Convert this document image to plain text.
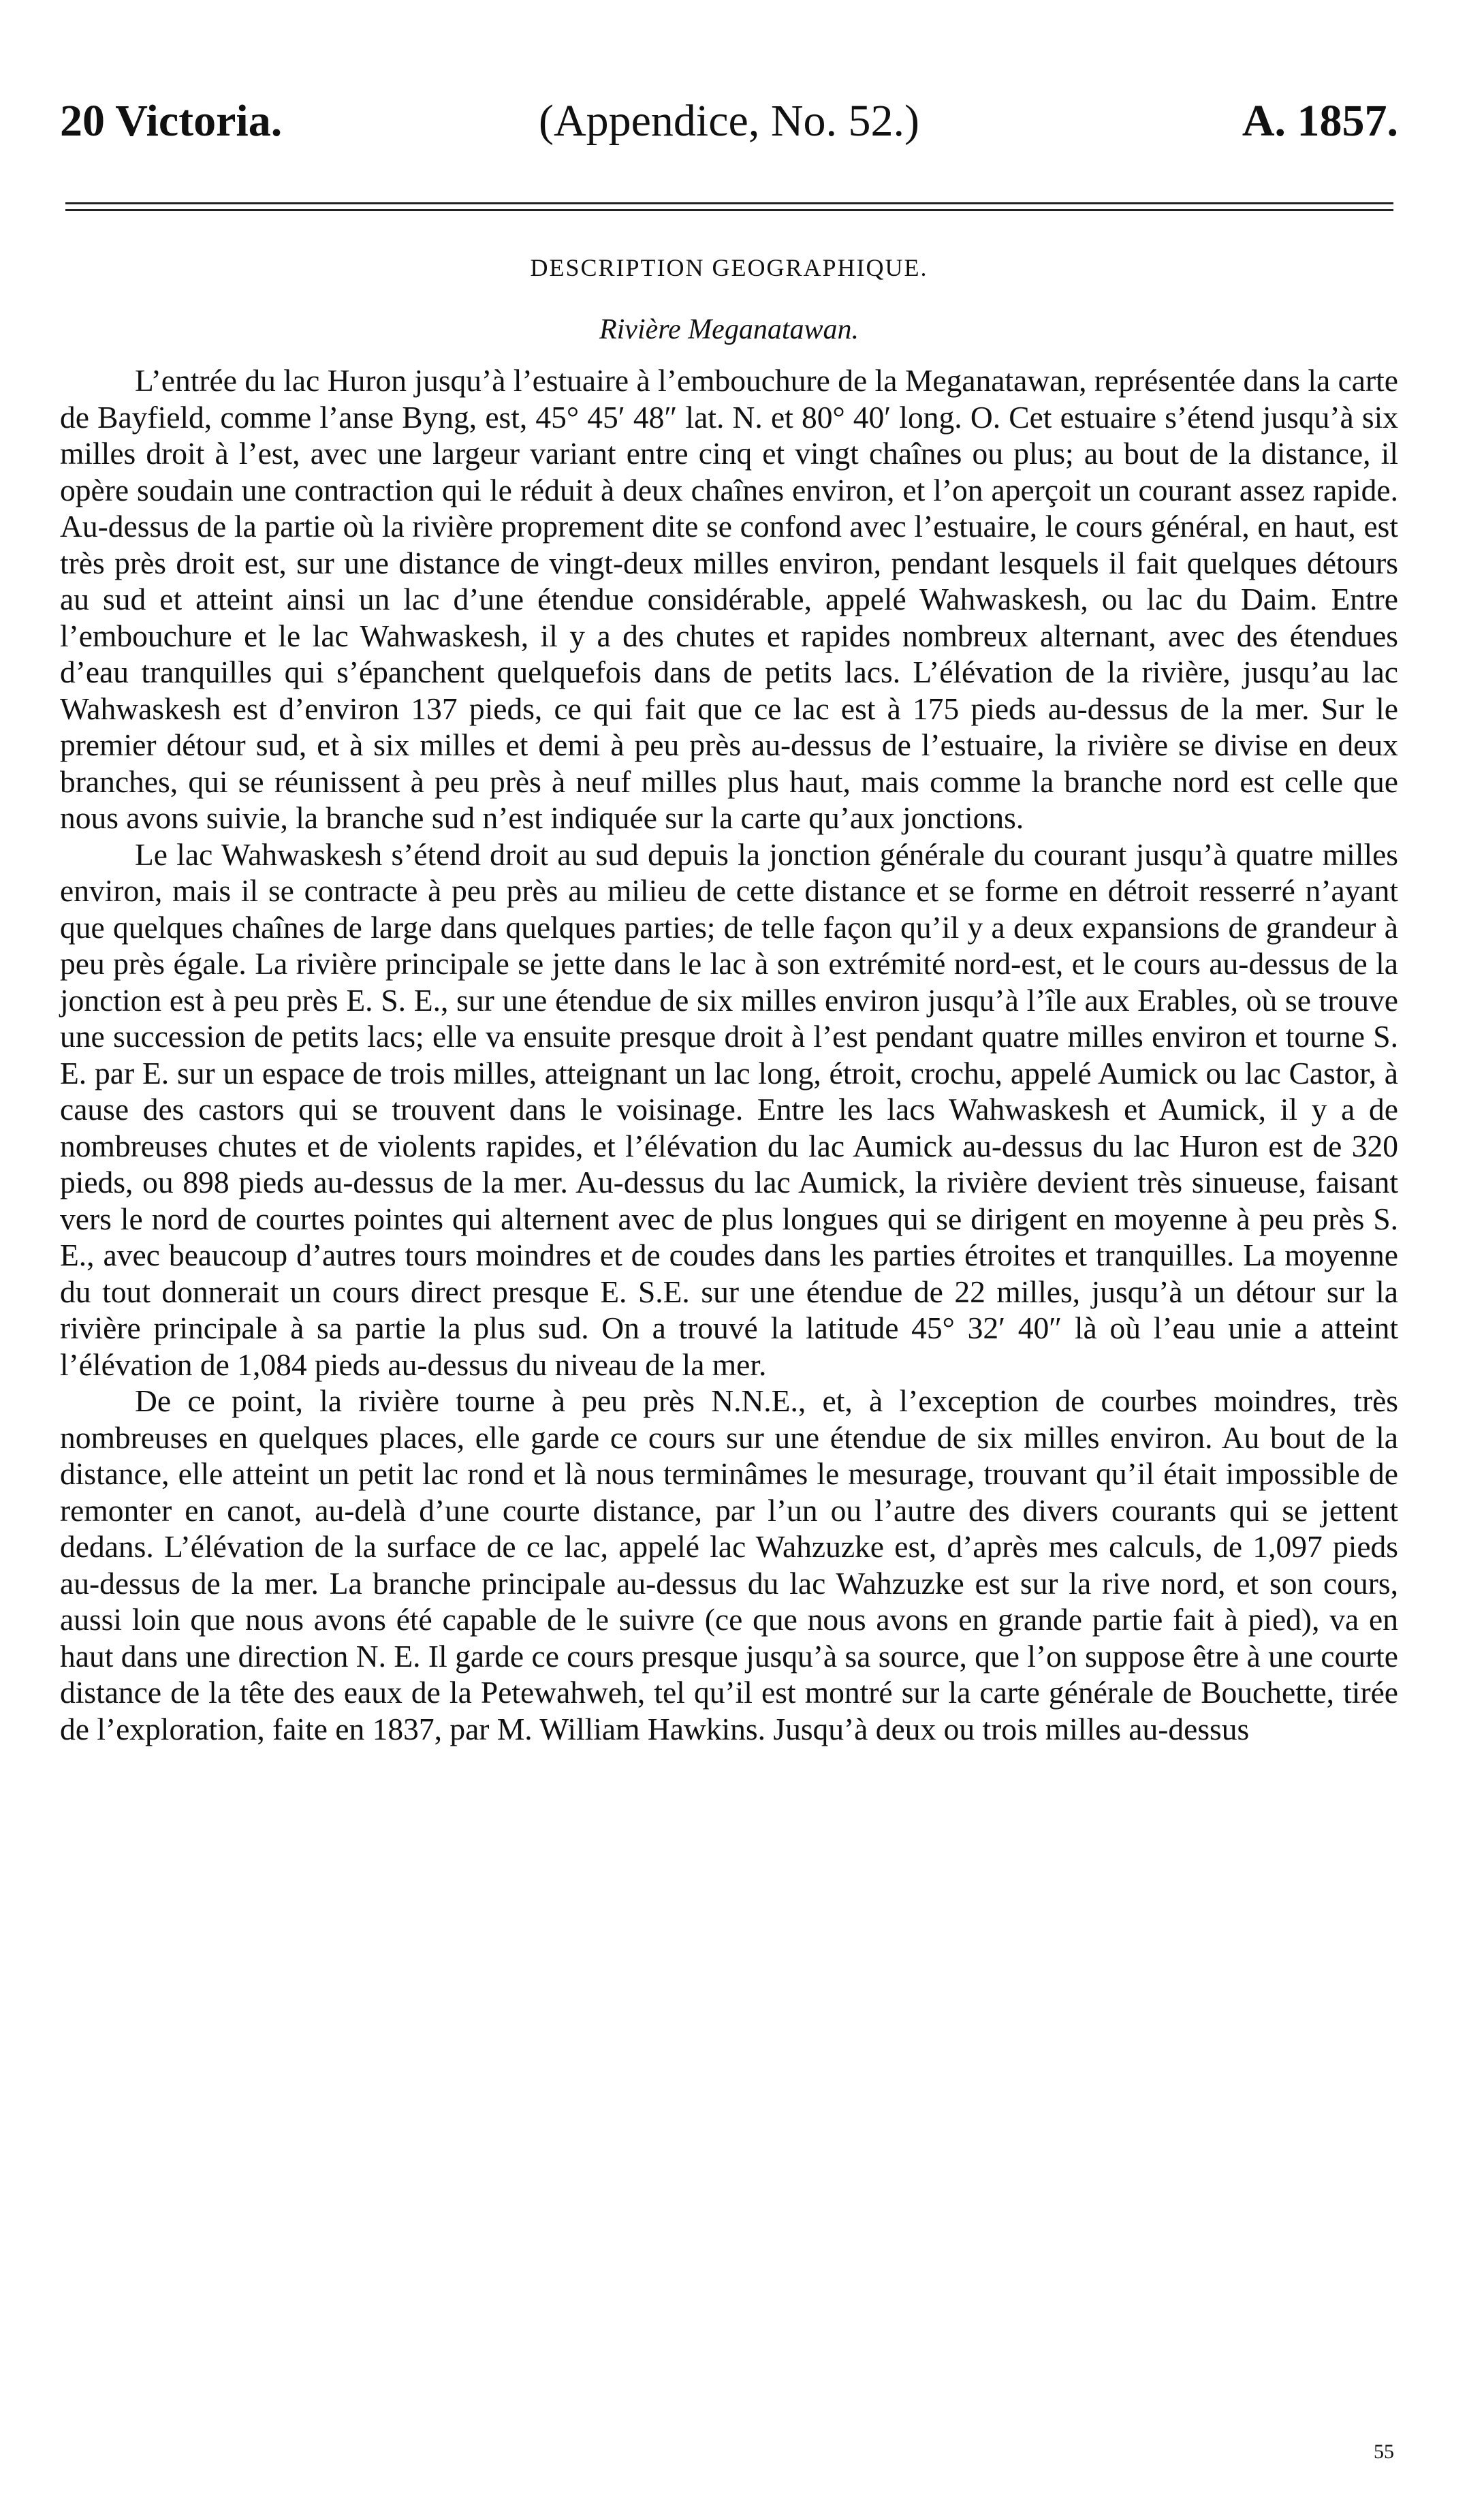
20 Victoria.	(Appendice, No. 52.)	A. 1857.
DESCRIPTION GEOGRAPHIQUE.
Rivière Meganatawan.

L’entrée du lac Huron jusqu’à l’estuaire à l’embouchure de la Meganatawan, représentée dans la carte de Bayfield, comme l’anse Byng, est, 45° 45′ 48″ lat. N. et 80° 40′ long. O. Cet estuaire s’étend jusqu’à six milles droit à l’est, avec une largeur variant entre cinq et vingt chaînes ou plus; au bout de la distance, il opère soudain une contraction qui le réduit à deux chaînes environ, et l’on aperçoit un courant assez rapide. Au-dessus de la partie où la rivière proprement dite se confond avec l’estuaire, le cours général, en haut, est très près droit est, sur une distance de vingt-deux milles environ, pendant lesquels il fait quelques détours au sud et atteint ainsi un lac d’une étendue considérable, appelé Wahwaskesh, ou lac du Daim. Entre l’embouchure et le lac Wahwaskesh, il y a des chutes et rapides nombreux alternant, avec des étendues d’eau tranquilles qui s’épanchent quelquefois dans de petits lacs. L’élévation de la rivière, jusqu’au lac Wahwaskesh est d’environ 137 pieds, ce qui fait que ce lac est à 175 pieds au-dessus de la mer. Sur le premier détour sud, et à six milles et demi à peu près au-dessus de l’estuaire, la rivière se divise en deux branches, qui se réunissent à peu près à neuf milles plus haut, mais comme la branche nord est celle que nous avons suivie, la branche sud n’est indiquée sur la carte qu’aux jonctions.

Le lac Wahwaskesh s’étend droit au sud depuis la jonction générale du courant jusqu’à quatre milles environ, mais il se contracte à peu près au milieu de cette distance et se forme en détroit resserré n’ayant que quelques chaînes de large dans quelques parties; de telle façon qu’il y a deux expansions de grandeur à peu près égale. La rivière principale se jette dans le lac à son extrémité nord-est, et le cours au-dessus de la jonction est à peu près E. S. E., sur une étendue de six milles environ jusqu’à l’île aux Erables, où se trouve une succession de petits lacs; elle va ensuite presque droit à l’est pendant quatre milles environ et tourne S. E. par E. sur un espace de trois milles, atteignant un lac long, étroit, crochu, appelé Aumick ou lac Castor, à cause des castors qui se trouvent dans le voisinage. Entre les lacs Wahwaskesh et Aumick, il y a de nombreuses chutes et de violents rapides, et l’élévation du lac Aumick au-dessus du lac Huron est de 320 pieds, ou 898 pieds au-dessus de la mer. Au-dessus du lac Aumick, la rivière devient très sinueuse, faisant vers le nord de courtes pointes qui alternent avec de plus longues qui se dirigent en moyenne à peu près S. E., avec beaucoup d’autres tours moindres et de coudes dans les parties étroites et tranquilles. La moyenne du tout donnerait un cours direct presque E. S.E. sur une étendue de 22 milles, jusqu’à un détour sur la rivière principale à sa partie la plus sud. On a trouvé la latitude 45° 32′ 40″ là où l’eau unie a atteint l’élévation de 1,084 pieds au-dessus du niveau de la mer.

De ce point, la rivière tourne à peu près N.N.E., et, à l’exception de courbes moindres, très nombreuses en quelques places, elle garde ce cours sur une étendue de six milles environ. Au bout de la distance, elle atteint un petit lac rond et là nous terminâmes le mesurage, trouvant qu’il était impossible de remonter en canot, au-delà d’une courte distance, par l’un ou l’autre des divers courants qui se jettent dedans. L’élévation de la surface de ce lac, appelé lac Wahzuzke est, d’après mes calculs, de 1,097 pieds au-dessus de la mer. La branche principale au-dessus du lac Wahzuzke est sur la rive nord, et son cours, aussi loin que nous avons été capable de le suivre (ce que nous avons en grande partie fait à pied), va en haut dans une direction N. E. Il garde ce cours presque jusqu’à sa source, que l’on suppose être à une courte distance de la tête des eaux de la Petewahweh, tel qu’il est montré sur la carte générale de Bouchette, tirée de l’exploration, faite en 1837, par M. William Hawkins. Jusqu’à deux ou trois milles au-dessus

55
